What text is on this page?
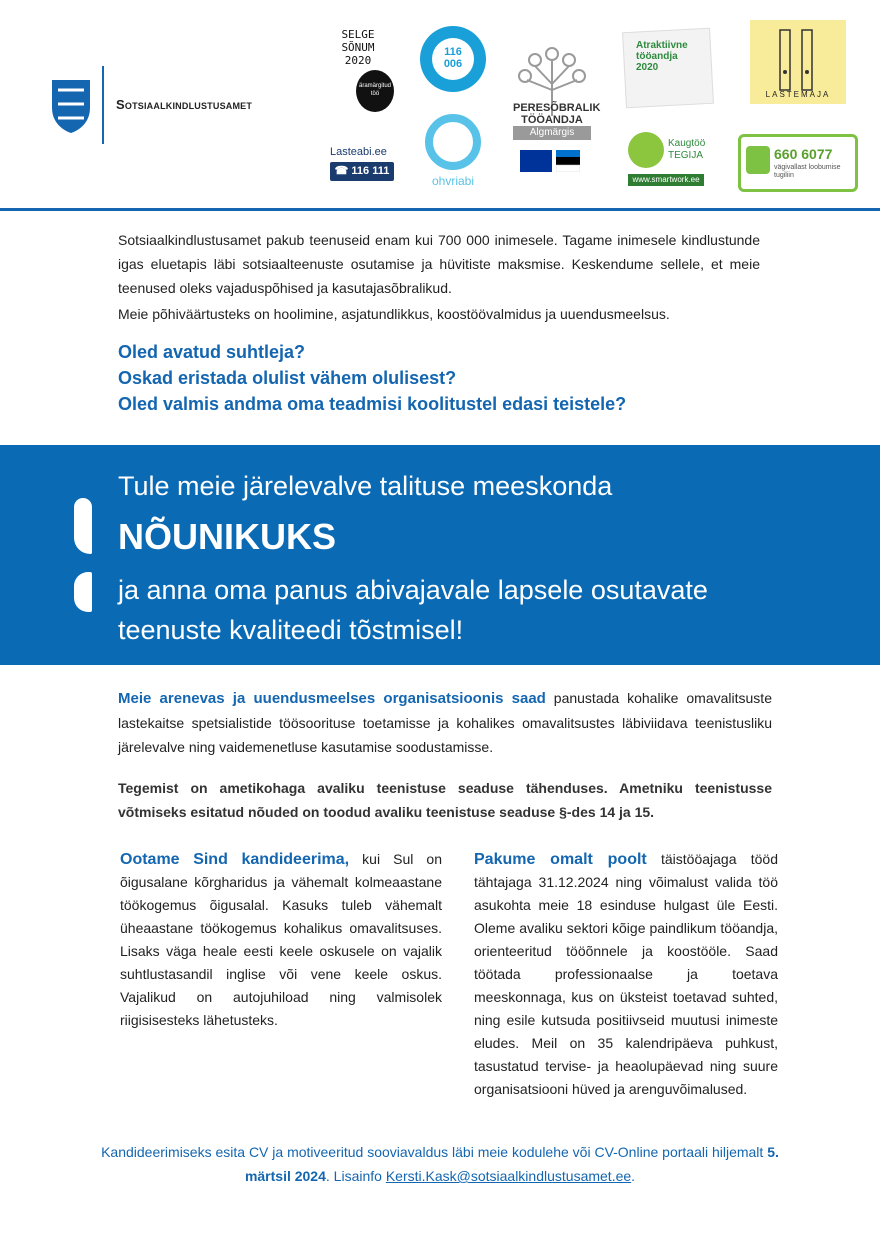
Sotsiaalkindlustusamet
SELGE
SÕNUM
2020
äramärgitud töö
116
006
PERESÕBRALIK TÖÖANDJA
Algmärgis
Atraktiivne tööandja 2020
LASTEMAJA
Lasteabi.ee
☎ 116 111
ohvriabi
Kaugtöö TEGIJA
www.smartwork.ee
660 6077
vägivallast loobumise tugiliin

Sotsiaalkindlustusamet pakub teenuseid enam kui 700 000 inimesele. Tagame inimesele kindlustunde igas eluetapis läbi sotsiaalteenuste osutamise ja hüvitiste maksmise. Keskendume sellele, et meie teenused oleks vajaduspõhised ja kasutajasõbralikud.

Meie põhiväärtusteks on hoolimine, asjatundlikkus, koostöövalmidus ja uuendusmeelsus.

Oled avatud suhtleja?
Oskad eristada olulist vähem olulisest?
Oled valmis andma oma teadmisi koolitustel edasi teistele?
Tule meie järelevalve talituse meeskonda
NÕUNIKUKS

ja anna oma panus abivajavale lapsele osutavate teenuste kvaliteedi tõstmisel!

Meie arenevas ja uuendusmeelses organisatsioonis saad panustada kohalike omavalitsuste lastekaitse spetsialistide töösoorituse toetamisse ja kohalikes omavalitsustes läbiviidava teenistusliku järelevalve ning vaidemenetluse kasutamise soodustamisse.

Tegemist on ametikohaga avaliku teenistuse seaduse tähenduses. Ametniku teenistusse võtmiseks esitatud nõuded on toodud avaliku teenistuse seaduse §-des 14 ja 15.

Ootame Sind kandideerima, kui Sul on õigusalane kõrgharidus ja vähemalt kolmeaastane töökogemus õigusalal. Kasuks tuleb vähemalt üheaastane töökogemus kohalikus omavalitsuses. Lisaks väga heale eesti keele oskusele on vajalik suhtlustasandil inglise või vene keele oskus. Vajalikud on autojuhiload ning valmisolek riigisisesteks lähetusteks.

Pakume omalt poolt täistööajaga tööd tähtajaga 31.12.2024 ning võimalust valida töö asukohta meie 18 esinduse hulgast üle Eesti. Oleme avaliku sektori kõige paindlikum tööandja, orienteeritud tööõnnele ja koostööle. Saad töötada professionaalse ja toetava meeskonnaga, kus on üksteist toetavad suhted, ning esile kutsuda positiivseid muutusi inimeste eludes. Meil on 35 kalendripäeva puhkust, tasustatud tervise- ja heaolupäevad ning suure organisatsiooni hüved ja arenguvõimalused.

Kandideerimiseks esita CV ja motiveeritud sooviavaldus läbi meie kodulehe või CV-Online portaali hiljemalt 5. märtsil 2024. Lisainfo Kersti.Kask@sotsiaalkindlustusamet.ee.
